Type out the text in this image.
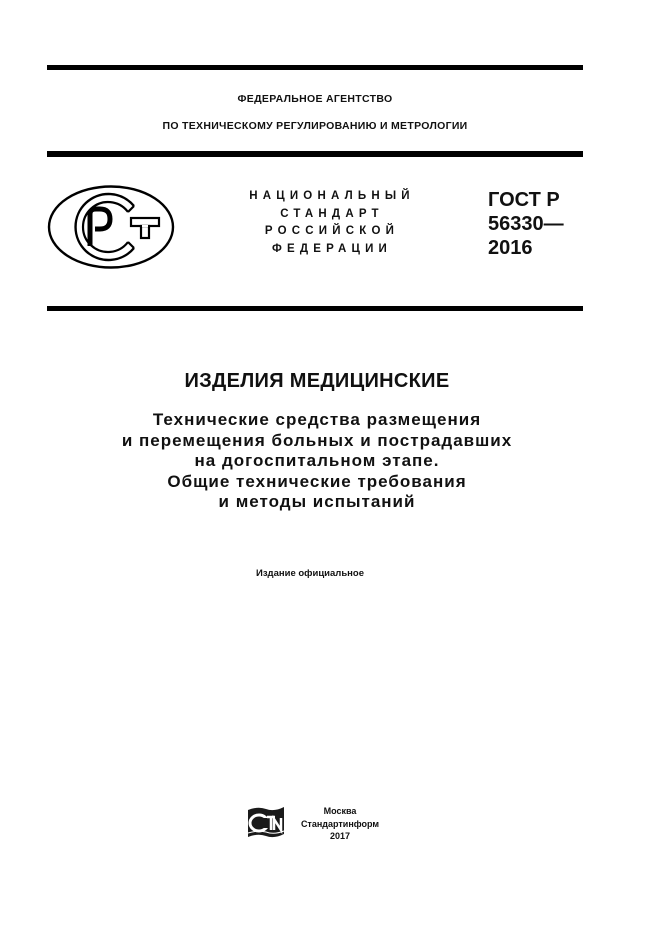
ФЕДЕРАЛЬНОЕ АГЕНТСТВО
ПО ТЕХНИЧЕСКОМУ РЕГУЛИРОВАНИЮ И МЕТРОЛОГИИ
НАЦИОНАЛЬНЫЙ
СТАНДАРТ
РОССИЙСКОЙ
ФЕДЕРАЦИИ
ГОСТ Р
56330—
2016
ИЗДЕЛИЯ МЕДИЦИНСКИЕ
Технические средства размещения
и перемещения больных и пострадавших
на догоспитальном этапе.
Общие технические требования
и методы испытаний
Издание официальное
Москва
Стандартинформ
2017
